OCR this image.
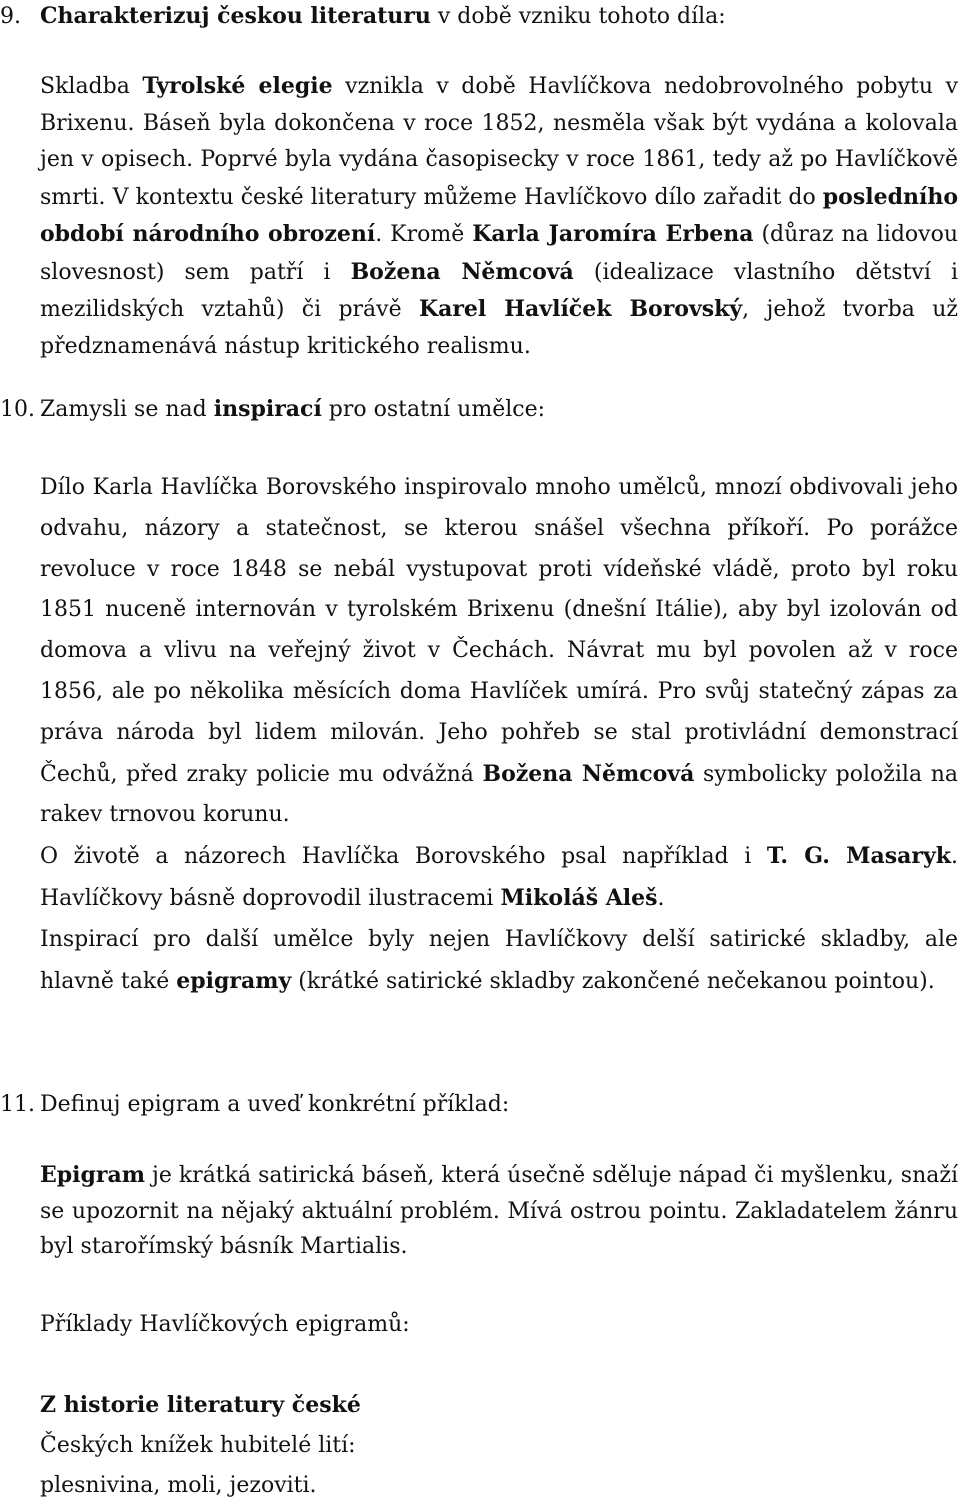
9. Charakterizuj českou literaturu v době vzniku tohoto díla:
Skladba Tyrolské elegie vznikla v době Havlíčkova nedobrovolného pobytu v Brixenu. Báseň byla dokončena v roce 1852, nesměla však být vydána a kolovala jen v opisech. Poprvé byla vydána časopisecky v roce 1861, tedy až po Havlíčkově smrti. V kontextu české literatury můžeme Havlíčkovo dílo zařadit do posledního období národního obrození. Kromě Karla Jaromíra Erbena (důraz na lidovou slovesnost) sem patří i Božena Němcová (idealizace vlastního dětství i mezilidských vztahů) či právě Karel Havlíček Borovský, jehož tvorba už předznamenává nástup kritického realismu.
10. Zamysli se nad inspirací pro ostatní umělce:
Dílo Karla Havlíčka Borovského inspirovalo mnoho umělců, mnozí obdivovali jeho odvahu, názory a statečnost, se kterou snášel všechna příkoří. Po porážce revoluce v roce 1848 se nebál vystupovat proti vídeňské vládě, proto byl roku 1851 nuceně internován v tyrolském Brixenu (dnešní Itálie), aby byl izolován od domova a vlivu na veřejný život v Čechách. Návrat mu byl povolen až v roce 1856, ale po několika měsících doma Havlíček umírá. Pro svůj statečný zápas za práva národa byl lidem milován. Jeho pohřeb se stal protivládní demonstrací Čechů, před zraky policie mu odvážná Božena Němcová symbolicky položila na rakev trnovou korunu.
O životě a názorech Havlíčka Borovského psal například i T. G. Masaryk. Havlíčkovy básně doprovodil ilustracemi Mikoláš Aleš.
Inspirací pro další umělce byly nejen Havlíčkovy delší satirické skladby, ale hlavně také epigramy (krátké satirické skladby zakončené nečekanou pointou).
11. Definuj epigram a uveď konkrétní příklad:
Epigram je krátká satirická báseň, která úsečně sděluje nápad či myšlenku, snaží se upozornit na nějaký aktuální problém. Mívá ostrou pointu. Zakladatelem žánru byl starořímský básník Martialis.
Příklady Havlíčkových epigramů:
Z historie literatury české
Českých knížek hubitelé lití:
plesnivina, moli, jezoviti.
